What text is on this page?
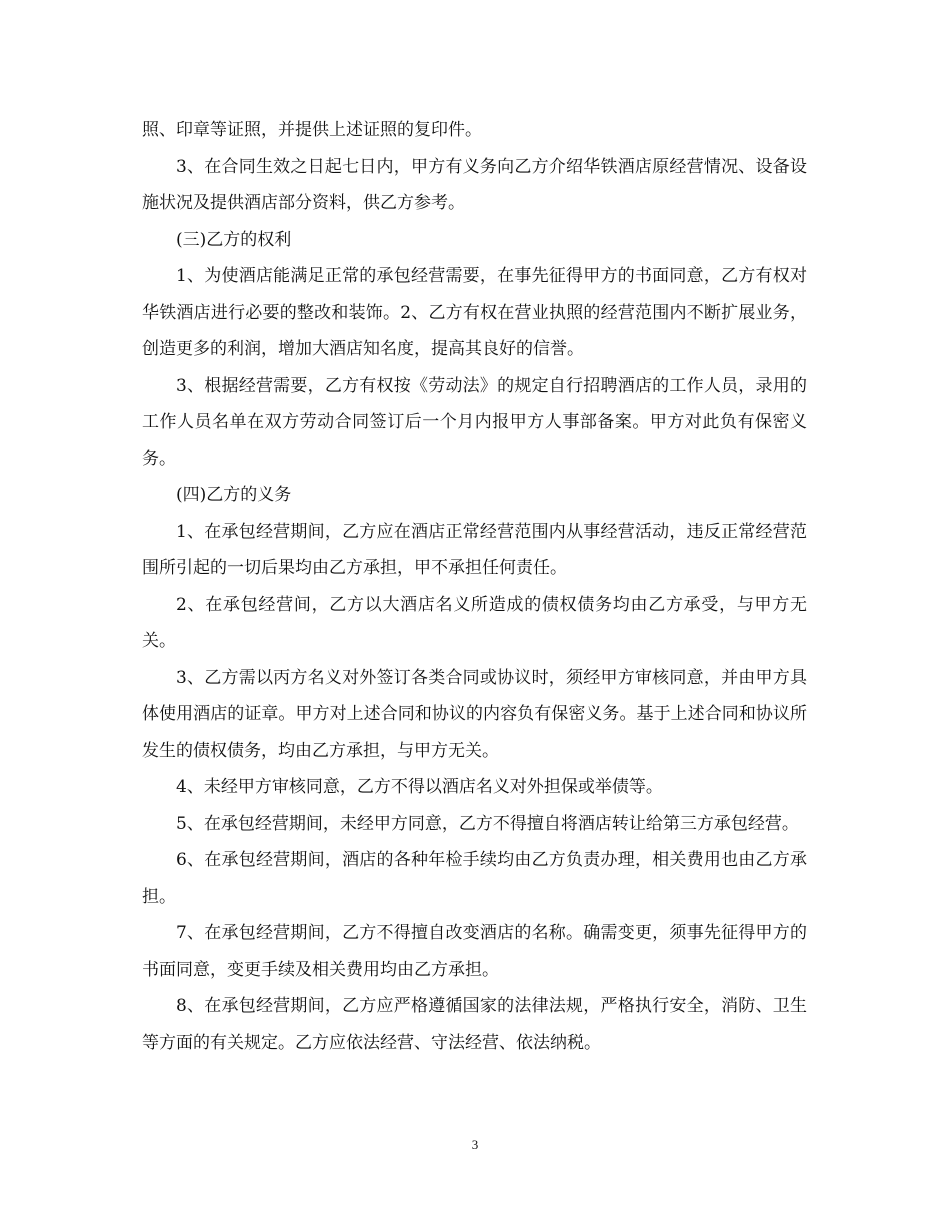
照、印章等证照，并提供上述证照的复印件。

3、在合同生效之日起七日内，甲方有义务向乙方介绍华铁酒店原经营情况、设备设施状况及提供酒店部分资料，供乙方参考。

(三)乙方的权利

1、为使酒店能满足正常的承包经营需要，在事先征得甲方的书面同意，乙方有权对华铁酒店进行必要的整改和装饰。2、乙方有权在营业执照的经营范围内不断扩展业务，创造更多的利润，增加大酒店知名度，提高其良好的信誉。

3、根据经营需要，乙方有权按《劳动法》的规定自行招聘酒店的工作人员，录用的工作人员名单在双方劳动合同签订后一个月内报甲方人事部备案。甲方对此负有保密义务。

(四)乙方的义务

1、在承包经营期间，乙方应在酒店正常经营范围内从事经营活动，违反正常经营范围所引起的一切后果均由乙方承担，甲不承担任何责任。

2、在承包经营间，乙方以大酒店名义所造成的债权债务均由乙方承受，与甲方无关。

3、乙方需以丙方名义对外签订各类合同或协议时，须经甲方审核同意，并由甲方具体使用酒店的证章。甲方对上述合同和协议的内容负有保密义务。基于上述合同和协议所发生的债权债务，均由乙方承担，与甲方无关。

4、未经甲方审核同意，乙方不得以酒店名义对外担保或举债等。

5、在承包经营期间，未经甲方同意，乙方不得擅自将酒店转让给第三方承包经营。

6、在承包经营期间，酒店的各种年检手续均由乙方负责办理，相关费用也由乙方承担。

7、在承包经营期间，乙方不得擅自改变酒店的名称。确需变更，须事先征得甲方的书面同意，变更手续及相关费用均由乙方承担。

8、在承包经营期间，乙方应严格遵循国家的法律法规，严格执行安全，消防、卫生等方面的有关规定。乙方应依法经营、守法经营、依法纳税。

3
